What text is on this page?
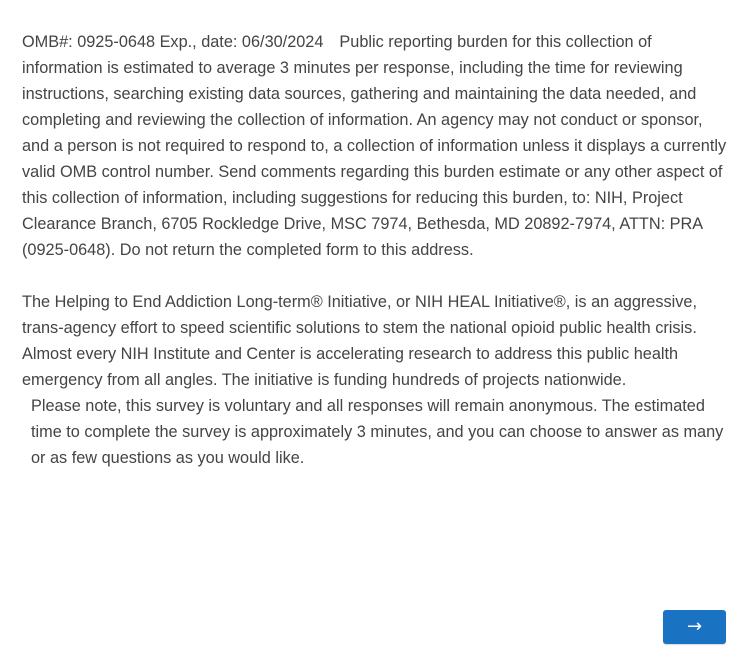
OMB#: 0925-0648 Exp., date: 06/30/2024 Public reporting burden for this collection of information is estimated to average 3 minutes per response, including the time for reviewing instructions, searching existing data sources, gathering and maintaining the data needed, and completing and reviewing the collection of information. An agency may not conduct or sponsor, and a person is not required to respond to, a collection of information unless it displays a currently valid OMB control number. Send comments regarding this burden estimate or any other aspect of this collection of information, including suggestions for reducing this burden, to: NIH, Project Clearance Branch, 6705 Rockledge Drive, MSC 7974, Bethesda, MD 20892-7974, ATTN: PRA (0925-0648). Do not return the completed form to this address.

The Helping to End Addiction Long-term® Initiative, or NIH HEAL Initiative®, is an aggressive, trans-agency effort to speed scientific solutions to stem the national opioid public health crisis. Almost every NIH Institute and Center is accelerating research to address this public health emergency from all angles. The initiative is funding hundreds of projects nationwide.

Please note, this survey is voluntary and all responses will remain anonymous. The estimated time to complete the survey is approximately 3 minutes, and you can choose to answer as many or as few questions as you would like.

→
